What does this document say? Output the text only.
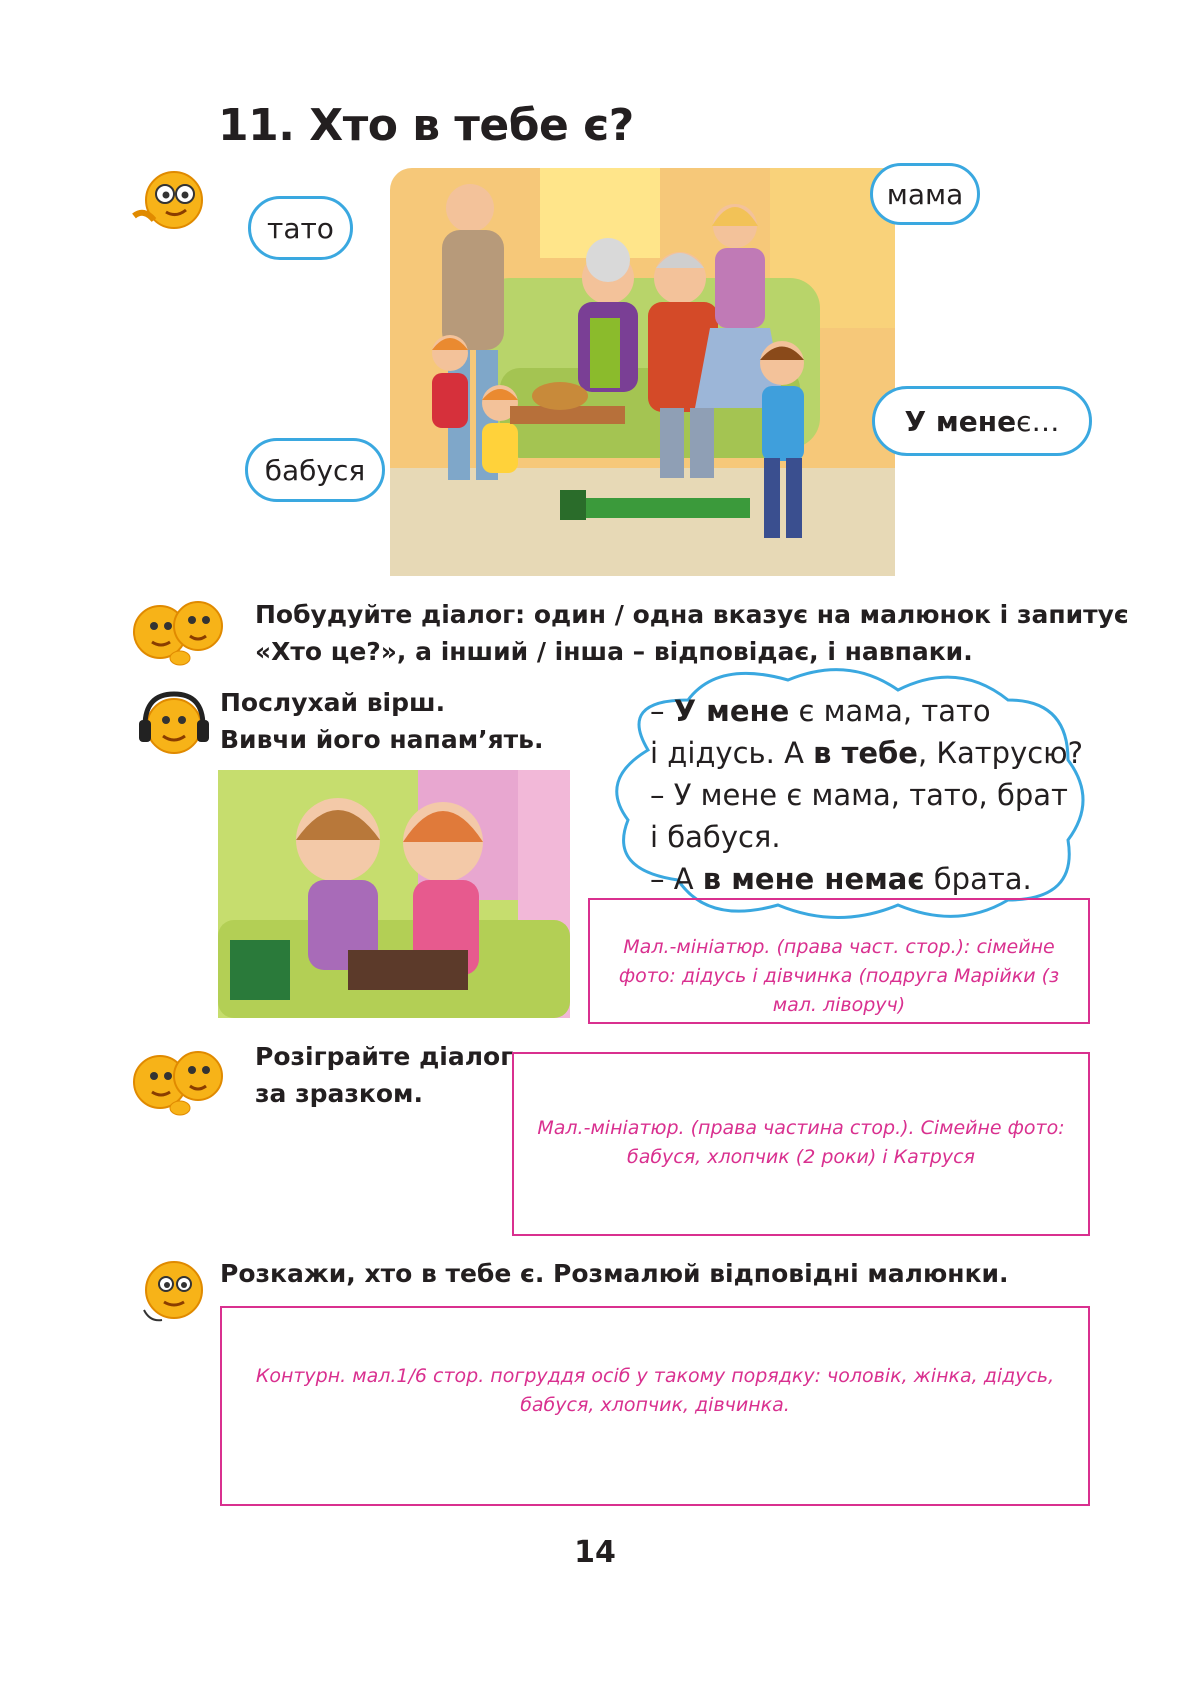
11. Хто в тебе є?
тато
мама
бабуся
У мене є…
Побудуйте діалог: один / одна вказує на малюнок і запитує
«Хто це?», а інший / інша – відповідає, і навпаки.
Послухай вірш.
Вивчи його напам’ять.
– У мене є мама, тато
і дідусь. А в тебе, Катрусю?
– У мене є мама, тато, брат
і бабуся.
– А в мене немає брата.
Мал.-мініатюр. (права част. стор.): сімейне фото: дідусь і дівчинка (подруга Марійки (з мал. ліворуч)
Розіграйте діалог
за зразком.
Мал.-мініатюр. (права частина стор.). Сімейне фото: бабуся, хлопчик (2 роки) і Катруся
Розкажи, хто в тебе є. Розмалюй відповідні малюнки.
Контурн. мал.1/6 стор. погруддя осіб у такому порядку: чоловік, жінка, дідусь, бабуся, хлопчик, дівчинка.
14
